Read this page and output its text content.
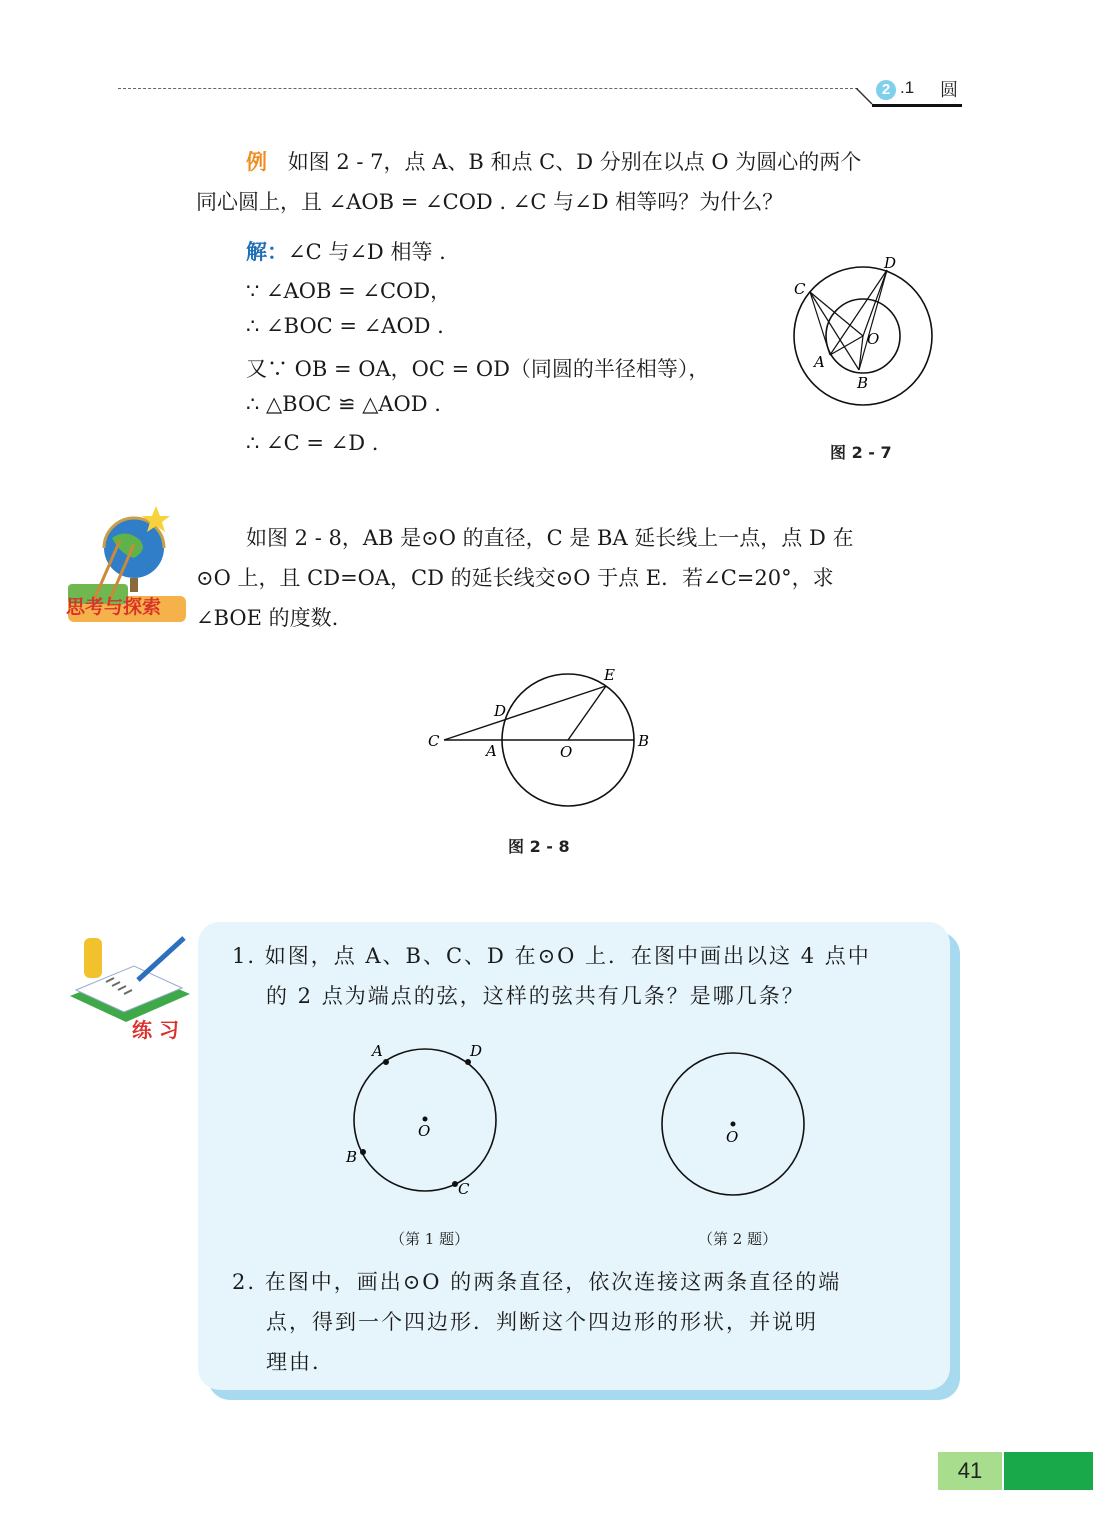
2 .1 圆
例 如图 2 - 7，点 A、B 和点 C、D 分别在以点 O 为圆心的两个
同心圆上，且 ∠AOB = ∠COD . ∠C 与∠D 相等吗？为什么？
解：∠C 与∠D 相等 .
∵ ∠AOB = ∠COD，
∴ ∠BOC = ∠AOD .
又∵ OB = OA，OC = OD（同圆的半径相等），
∴ △BOC ≌ △AOD .
∴ ∠C = ∠D .
C
D
A
B
O
图 2 - 7
思考与探索
如图 2 - 8，AB 是⊙O 的直径，C 是 BA 延长线上一点，点 D 在
⊙O 上，且 CD=OA，CD 的延长线交⊙O 于点 E．若∠C=20°，求
∠BOE 的度数.
C
A
D
E
O
B
图 2 - 8
练 习
1. 如图，点 A、B、C、D 在⊙O 上．在图中画出以这 4 点中
的 2 点为端点的弦，这样的弦共有几条？是哪几条？
A	D
B
C
O
（第 1 题）
O
（第 2 题）
2. 在图中，画出⊙O 的两条直径，依次连接这两条直径的端
点，得到一个四边形．判断这个四边形的形状，并说明
理由．
41
